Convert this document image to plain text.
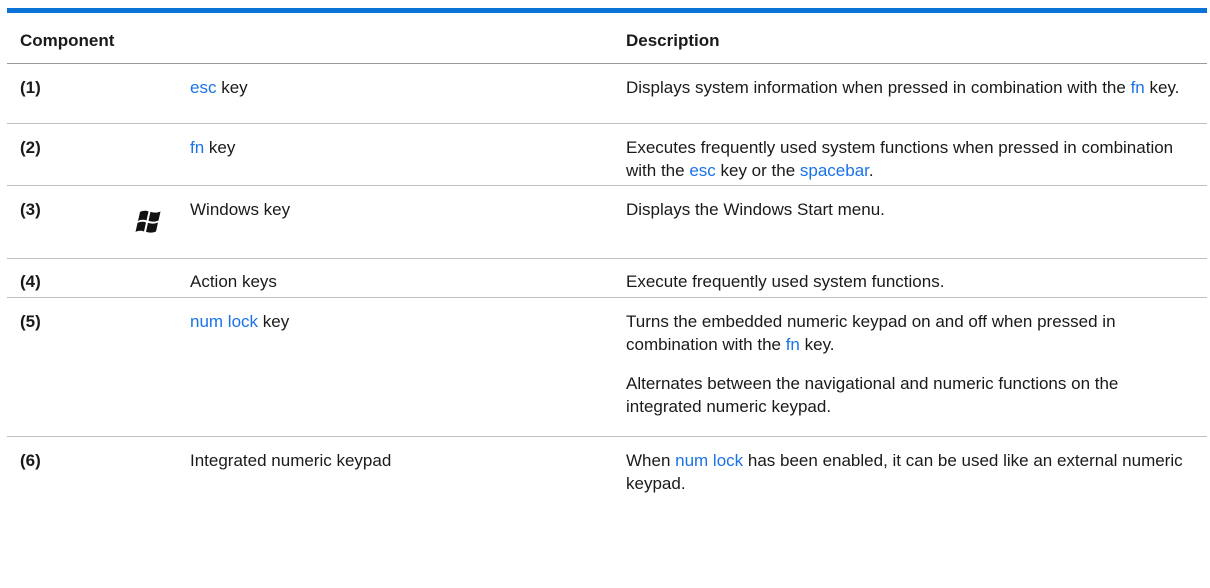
Component	Description
(1)	esc key	Displays system information when pressed in combination with the fn key.
(2)	fn key	Executes frequently used system functions when pressed in combination with the esc key or the spacebar.
(3)	Windows key	Displays the Windows Start menu.
(4)	Action keys	Execute frequently used system functions.
(5)	num lock key	Turns the embedded numeric keypad on and off when pressed in combination with the fn key.
Alternates between the navigational and numeric functions on the integrated numeric keypad.
(6)	Integrated numeric keypad	When num lock has been enabled, it can be used like an external numeric keypad.
